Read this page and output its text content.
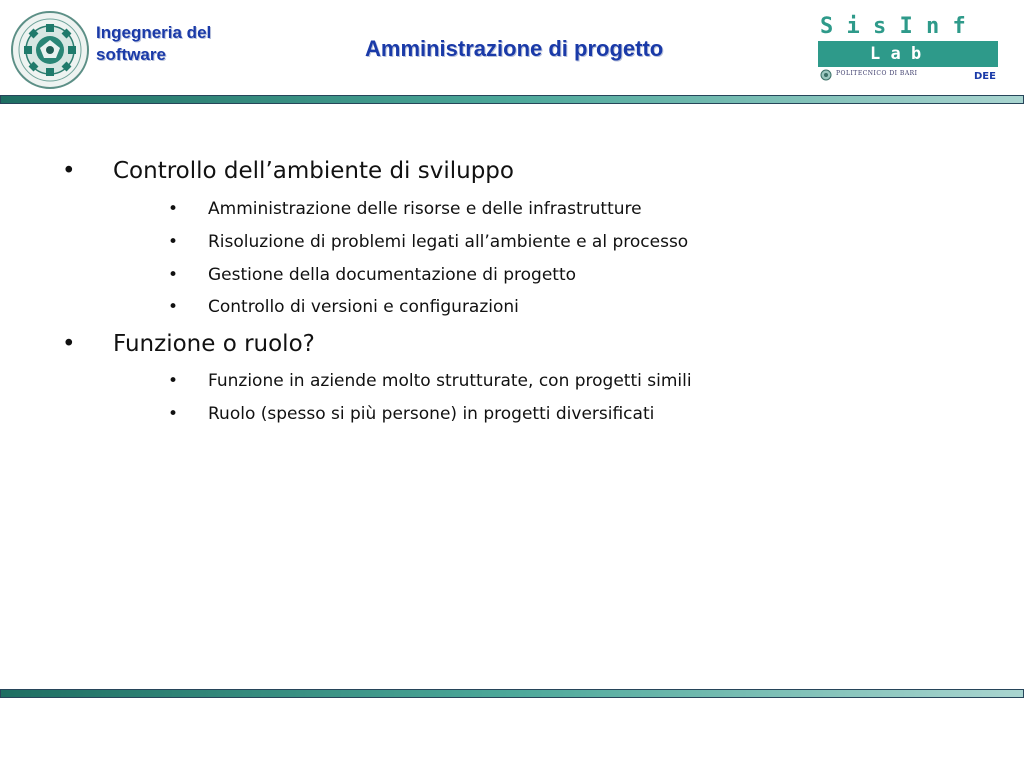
Ingegneria del
software	Amministrazione di progetto
S i s I n f
L a b
POLITECNICO DI BARI	DEE
• Controllo dell’ambiente di sviluppo
• Amministrazione delle risorse e delle infrastrutture
• Risoluzione di problemi legati all’ambiente e al processo
• Gestione della documentazione di progetto
• Controllo di versioni e configurazioni
• Funzione o ruolo?
• Funzione in aziende molto strutturate, con progetti simili
• Ruolo (spesso si più persone) in progetti diversificati
